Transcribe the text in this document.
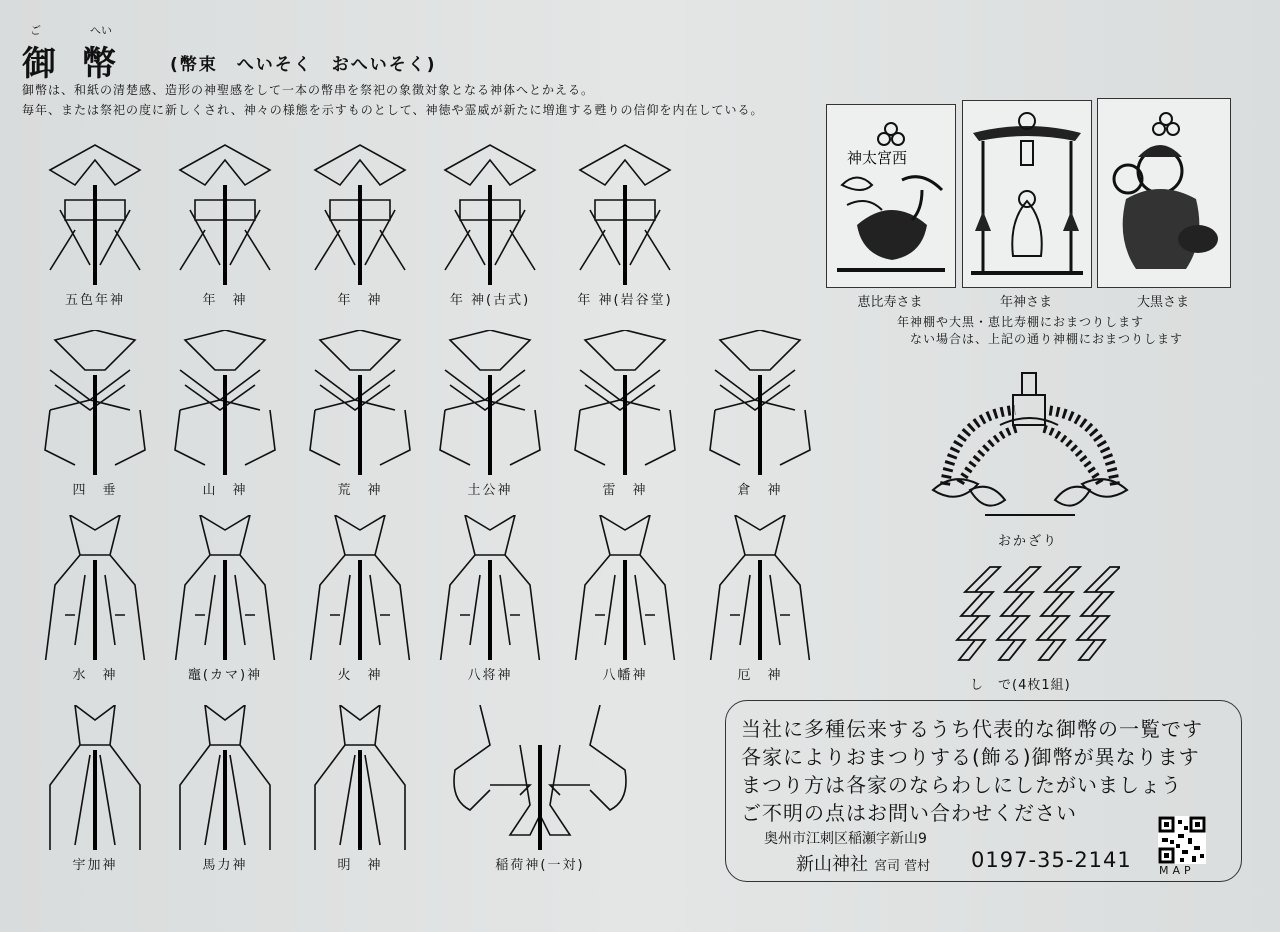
ご	へい
御幣 (幣束　へいそく　おへいそく)
御幣は、和紙の清楚感、造形の神聖感をして一本の幣串を祭祀の象徴対象となる神体へとかえる。
毎年、または祭祀の度に新しくされ、神々の様態を示すものとして、神徳や霊威が新たに増進する甦りの信仰を内在している。
五色年神	年　神	年　神	年 神(古式)	年 神(岩谷堂)
四　垂	山　神	荒　神	土公神	雷　神	倉　神
水　神	竈(カマ)神	火　神	八将神	八幡神	厄　神
宇加神	馬力神	明　神	稲荷神(一対)
神太宮西
恵比寿さま	年神さま	大黒さま
年神棚や大黒・恵比寿棚におまつりします
ない場合は、上記の通り神棚におまつりします
おかざり
し　で(4枚1組)
当社に多種伝来するうち代表的な御幣の一覧です
各家によりおまつりする(飾る)御幣が異なります
まつり方は各家のならわしにしたがいましょう
ご不明の点はお問い合わせください
奥州市江刺区稲瀬字新山9
新山神社 宮司 菅村 0197-35-2141 MAP
